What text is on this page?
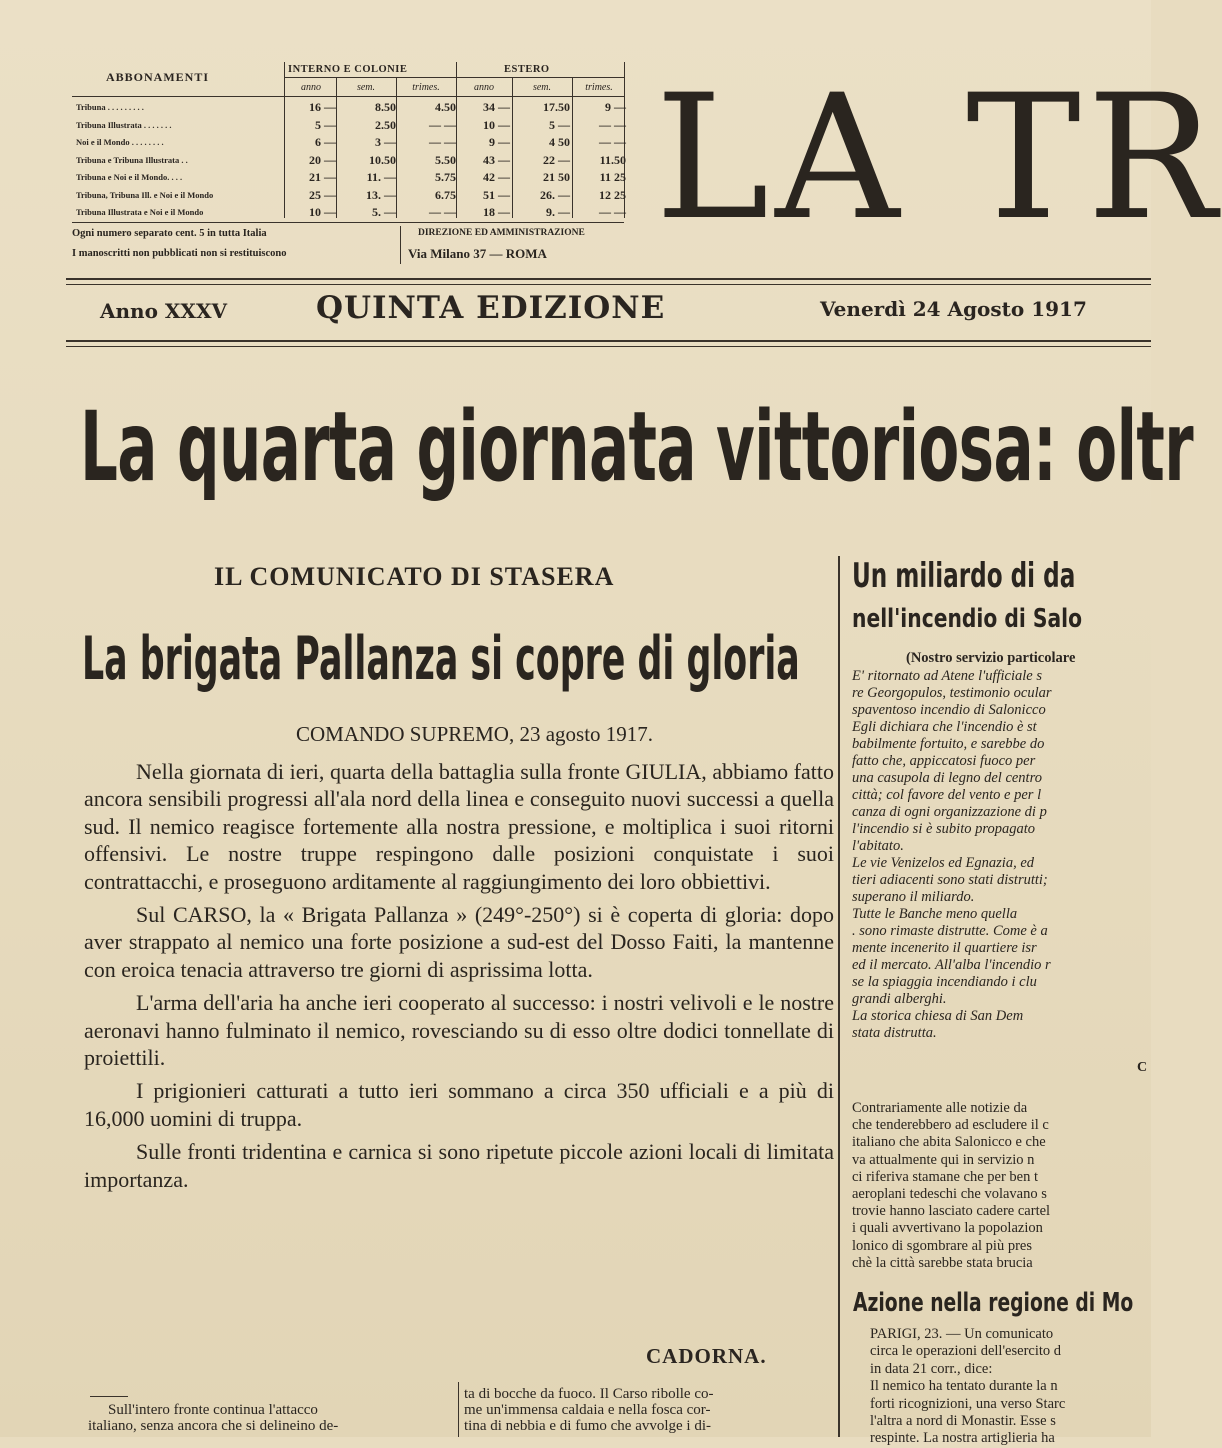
ABBONAMENTI
INTERNO E COLONIE	ESTERO
anno	sem.	trimes.	anno	sem.	trimes.
Tribuna . . . . . . . . .	16 —	8.50	4.50	34 —	17.50	9 —
Tribuna Illustrata . . . . . . .	5 —	2.50	— —	10 —	5 —	— —
Noi e il Mondo . . . . . . . .	6 —	3 —	— —	9 —	4 50	— —
Tribuna e Tribuna Illustrata . .	20 —	10.50	5.50	43 —	22 —	11.50
Tribuna e Noi e il Mondo. . . .	21 —	11. —	5.75	42 —	21 50	11 25
Tribuna, Tribuna Ill. e Noi e il Mondo	25 —	13. —	6.75	51 —	26. —	12 25
Tribuna Illustrata e Noi e il Mondo	10 —	5. —	— —	18 —	9. —	— —
Ogni numero separato cent. 5 in tutta Italia
I manoscritti non pubblicati non si restituiscono
DIREZIONE ED AMMINISTRAZIONE
Via Milano 37 — ROMA LA TR
Anno XXXV	QUINTA EDIZIONE	Venerdì 24 Agosto 1917
La quarta giornata vittoriosa: oltr
IL COMUNICATO DI STASERA
La brigata Pallanza si copre di gloria
COMANDO SUPREMO, 23 agosto 1917.

Nella giornata di ieri, quarta della battaglia sulla fronte GIULIA, abbiamo fatto ancora sensibili progressi all'ala nord della linea e conseguito nuovi successi a quella sud. Il nemico reagisce fortemente alla nostra pressione, e moltiplica i suoi ritorni offensivi. Le nostre truppe respingono dalle posizioni conquistate i suoi contrattacchi, e proseguono arditamente al raggiungimento dei loro obbiettivi.

Sul CARSO, la « Brigata Pallanza » (249°-250°) si è coperta di gloria: dopo aver strappato al nemico una forte posizione a sud-est del Dosso Faiti, la mantenne con eroica tenacia attraverso tre giorni di asprissima lotta.

L'arma dell'aria ha anche ieri cooperato al successo: i nostri velivoli e le nostre aeronavi hanno fulminato il nemico, rovesciando su di esso oltre dodici tonnellate di proiettili.

I prigionieri catturati a tutto ieri sommano a circa 350 ufficiali e a più di 16,000 uomini di truppa.

Sulle fronti tridentina e carnica si sono ripetute piccole azioni locali di limitata importanza.

CADORNA.
Sull'intero fronte continua l'attacco
italiano, senza ancora che si delineino de-
ta di bocche da fuoco. Il Carso ribolle co-
me un'immensa caldaia e nella fosca cor-
tina di nebbia e di fumo che avvolge i di-
Un miliardo di da
nell'incendio di Salo
(Nostro servizio particolare
E' ritornato ad Atene l'ufficiale s
re Georgopulos, testimonio ocular
spaventoso incendio di Salonicco
Egli dichiara che l'incendio è st
babilmente fortuito, e sarebbe do
fatto che, appiccatosi fuoco per
una casupola di legno del centro
città; col favore del vento e per l
canza di ogni organizzazione di p
l'incendio si è subito propagato
l'abitato.
Le vie Venizelos ed Egnazia, ed
tieri adiacenti sono stati distrutti;
superano il miliardo.
Tutte le Banche meno quella
. sono rimaste distrutte. Come è a
mente incenerito il quartiere isr
ed il mercato. All'alba l'incendio r
se la spiaggia incendiando i clu
grandi alberghi.
La storica chiesa di San Dem
stata distrutta.
C
Contrariamente alle notizie da
che tenderebbero ad escludere il c
italiano che abita Salonicco e che
va attualmente qui in servizio n
ci riferiva stamane che per ben t
aeroplani tedeschi che volavano s
trovie hanno lasciato cadere cartel
i quali avvertivano la popolazion
lonico di sgombrare al più pres
chè la città sarebbe stata brucia
Azione nella regione di Mo
PARIGI, 23. — Un comunicato
circa le operazioni dell'esercito d
in data 21 corr., dice:
Il nemico ha tentato durante la n
forti ricognizioni, una verso Starc
l'altra a nord di Monastir. Esse s
respinte. La nostra artiglieria ha
